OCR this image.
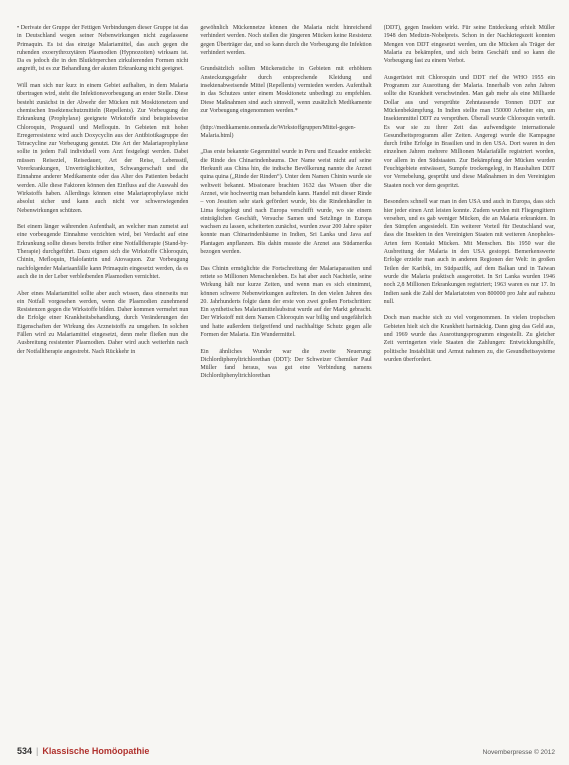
• Derivate der Gruppe der Fettigen Verbindungen dieser Gruppe ist das in Deutschland wegen seiner Nebenwirkungen nicht zugelassene Primaquin. Es ist das einzige Malariamittel, das auch gegen die ruhenden exoerythrozytären Plasmodien (Hypnozoiten) wirksam ist. Da es jedoch die in den Blutkörperchen zirkulierenden Formen nicht angreift, ist es zur Behandlung der akuten Erkrankung nicht geeignet.

Will man sich nur kurz in einem Gebiet aufhalten, in dem Malaria übertragen wird, steht die Infektionsvorbeugung an erster Stelle. Diese besteht zunächst in der Abwehr der Mücken mit Moskitonetzen und chemischen Insektenschutzmitteln (Repellents). Zur Vorbeugung der Erkrankung (Prophylaxe) geeignete Wirkstoffe sind beispielsweise Chloroquin, Proguanil und Mefloquin. In Gebieten mit hoher Erregerresistenz wird auch Doxycyclin aus der Antibiotikagruppe der Tetracycline zur Vorbeugung genutzt. Die Art der Malariaprophylaxe sollte in jedem Fall individuell vom Arzt festgelegt werden. Dabei müssen Reiseziel, Reisedauer, Art der Reise, Lebensstil, Vorerkrankungen, Unverträglichkeiten, Schwangerschaft und die Einnahme anderer Medikamente oder das Alter des Patienten bedacht werden. Alle diese Faktoren können den Einfluss auf die Auswahl des Wirkstoffs haben. Allerdings können eine Malariaprophylaxe nicht absolut sicher und kann auch nicht vor schwerwiegenden Nebenwirkungen schützen.

Bei einem länger währenden Aufenthalt, an welcher man zumeist auf eine vorbeugende Einnahme verzichten wird, bei Verdacht auf eine Erkrankung sollte dieses bereits früher eine Notfalltherapie (Stand-by-Therapie) durchgeführt. Dazu eignen sich die Wirkstoffe Chloroquin, Chinin, Mefloquin, Halofantrin und Atovaquon. Zur Vorbeugung nachfolgender Malariaanfälle kann Primaquin eingesetzt werden, da es auch die in der Leber verbleibenden Plasmodien vernichtet.

Aber eines Malariamittel sollte aber auch wissen, dass einerseits nur ein Notfall vorgesehen werden, wenn die Plasmodien zunehmend Resistenzen gegen die Wirkstoffe bilden. Daher kommen vermehrt nun die Erfolge einer Krankheitsbehandlung, durch Veränderungen der Eigenschaften der Wirkung des Arzneistoffs zu umgehen. In solchen Fällen wird zu Malariamittel eingesetzt, denn mehr fließen nun die Ausbreitung resistenter Plasmodien. Daher wird auch weiterhin nach der Notfalltherapie angestrebt. Nach Rückkehr in

gewöhnlich Mückennetze können die Malaria nicht hinreichend verhindert werden. Noch stellen die jüngeren Mücken keine Resistenz gegen Überträger dar, und so kann durch die Vorbeugung die Infektion verhindert werden.

Grundsätzlich sollten Mückenstiche in Gebieten mit erhöhtem Ansteckungsgefahr durch entsprechende Kleidung und insektenabweisende Mittel (Repellents) vermieden werden. Aufenthalt in das Schutzes unter einem Moskitonetz unbedingt zu empfehlen. Diese Maßnahmen sind auch sinnvoll, wenn zusätzlich Medikamente zur Vorbeugung eingenommen werden.*

(http://medikamente.onmeda.de/Wirkstoffgruppen/Mittel-gegen-Malaria.html)

„Das erste bekannte Gegenmittel wurde in Peru und Ecuador entdeckt: die Rinde des Chinarindenbaums. Der Name weist nicht auf seine Herkunft aus China hin, die indische Bevölkerung nannte die Arznei quina quina („Rinde der Rinden“). Unter dem Namen Chinin wurde sie weltweit bekannt. Missionare brachten 1632 das Wissen über die Arznei, wie hochwertig man behandeln kann. Handel mit dieser Rinde – von Jesuiten sehr stark gefördert wurde, bis die Rindenhändler in Lima festgelegt und nach Europa verschifft wurde, wo sie einem einträglichen Geschäft, Versuche Samen und Setzlinge in Europa wachsen zu lassen, scheiterten zunächst, wurden zwar 200 Jahre später konnte man Chinarindenbäume in Indien, Sri Lanka und Java auf Plantagen anpflanzen. Bis dahin musste die Arznei aus Südamerika bezogen werden.

Das Chinin ermöglichte die Fortschreitung der Malariaparasiten und rettete so Millionen Menschenleben. Es hat aber auch Nachteile, seine Wirkung hält nur kurze Zeiten, und wenn man es sich einnimmt, können schwere Nebenwirkungen auftreten. In den vielen Jahren des 20. Jahrhunderts folgte dann der erste von zwei großen Fortschritten: Ein synthetisches Malariamittelsubstrat wurde auf der Markt gebracht. Der Wirkstoff mit dem Namen Chloroquin war billig und ungefährlich und hatte außerdem tiefgreifend und nachhaltige Schutz gegen alle Formen der Malaria. Ein Wundermittel.

Ein ähnliches Wunder war die zweite Neuerung: Dichlordiphenyltrichlorethan (DDT): Der Schweizer Chemiker Paul Müller fand heraus, was gut eine Verbindung namens Dichlordiphenyltrichlorethan

(DDT), gegen Insekten wirkt. Für seine Entdeckung erhielt Müller 1948 den Medizin-Nobelpreis. Schon in der Nachkriegszeit konnten Mengen von DDT eingesetzt werden, um die Mücken als Träger der Malaria zu bekämpfen, und sich beim Geschäft und so kann die Vorbeugung fast zu einem Verbot.

Ausgerüstet mit Chloroquin und DDT rief die WHO 1955 ein Programm zur Ausrottung der Malaria. Innerhalb von zehn Jahren sollte die Krankheit verschwinden. Man gab mehr als eine Milliarde Dollar aus und versprühte Zehntausende Tonnen DDT zur Mückenbekämpfung. In Indien stellte man 150000 Arbeiter ein, um Insektenmittel DDT zu versprühen. Überall wurde Chloroquin verteilt. Es war sie zu ihrer Zeit das aufwendigste internationale Gesundheitsprogramm aller Zeiten. Angeregt wurde die Kampagne durch frühe Erfolge in Brasilien und in den USA. Dort waren in den einzelnen Jahren mehrere Millionen Malariafälle registriert worden, vor allem in den Südstaaten. Zur Bekämpfung der Mücken wurden Feuchtgebiete entwässert, Sumpfe trockengelegt, in Haushalten DDT vor Vernebelung, gesprüht und diese Maßnahmen in den Vereinigten Staaten noch vor dem gespritzt.

Besonders schnell war man in den USA und auch in Europa, dass sich hier jeder einen Arzt leisten konnte. Zudem wurden mit Fliegengittern versehen, und es gab weniger Mücken, die an Malaria erkrankten. In den Sümpfen angesiedelt. Ein weiterer Vorteil für Deutschland war, dass die Insekten in den Vereinigten Staaten mit weiteren Anopheles-Arten fern Kontakt Mücken. Mit Menschen. Bis 1950 war die Ausbreitung der Malaria in den USA gestoppt. Bemerkenswerte Erfolge erzielte man auch in anderen Regionen der Welt: in großen Teilen der Karibik, im Südpazifik, auf dem Balkan und in Taiwan wurde die Malaria praktisch ausgerottet. In Sri Lanka wurden 1946 noch 2,8 Millionen Erkrankungen registriert; 1963 waren es nur 17. In Indien sank die Zahl der Malariatoten von 800000 pro Jahr auf nahezu null.

Doch man machte sich zu viel vorgenommen. In vielen tropischen Gebieten hielt sich die Krankheit hartnäckig. Dann ging das Geld aus, und 1969 wurde das Ausrottungsprogramm eingestellt. Zu gleicher Zeit verringerten viele Staaten die Zahlungen: Entwicklungshilfe, politische Instabilität und Armut nahmen zu, die Gesundheitssysteme wurden überfordert.

534 | Klassische Homöopathie	Novemberpresse © 2012
